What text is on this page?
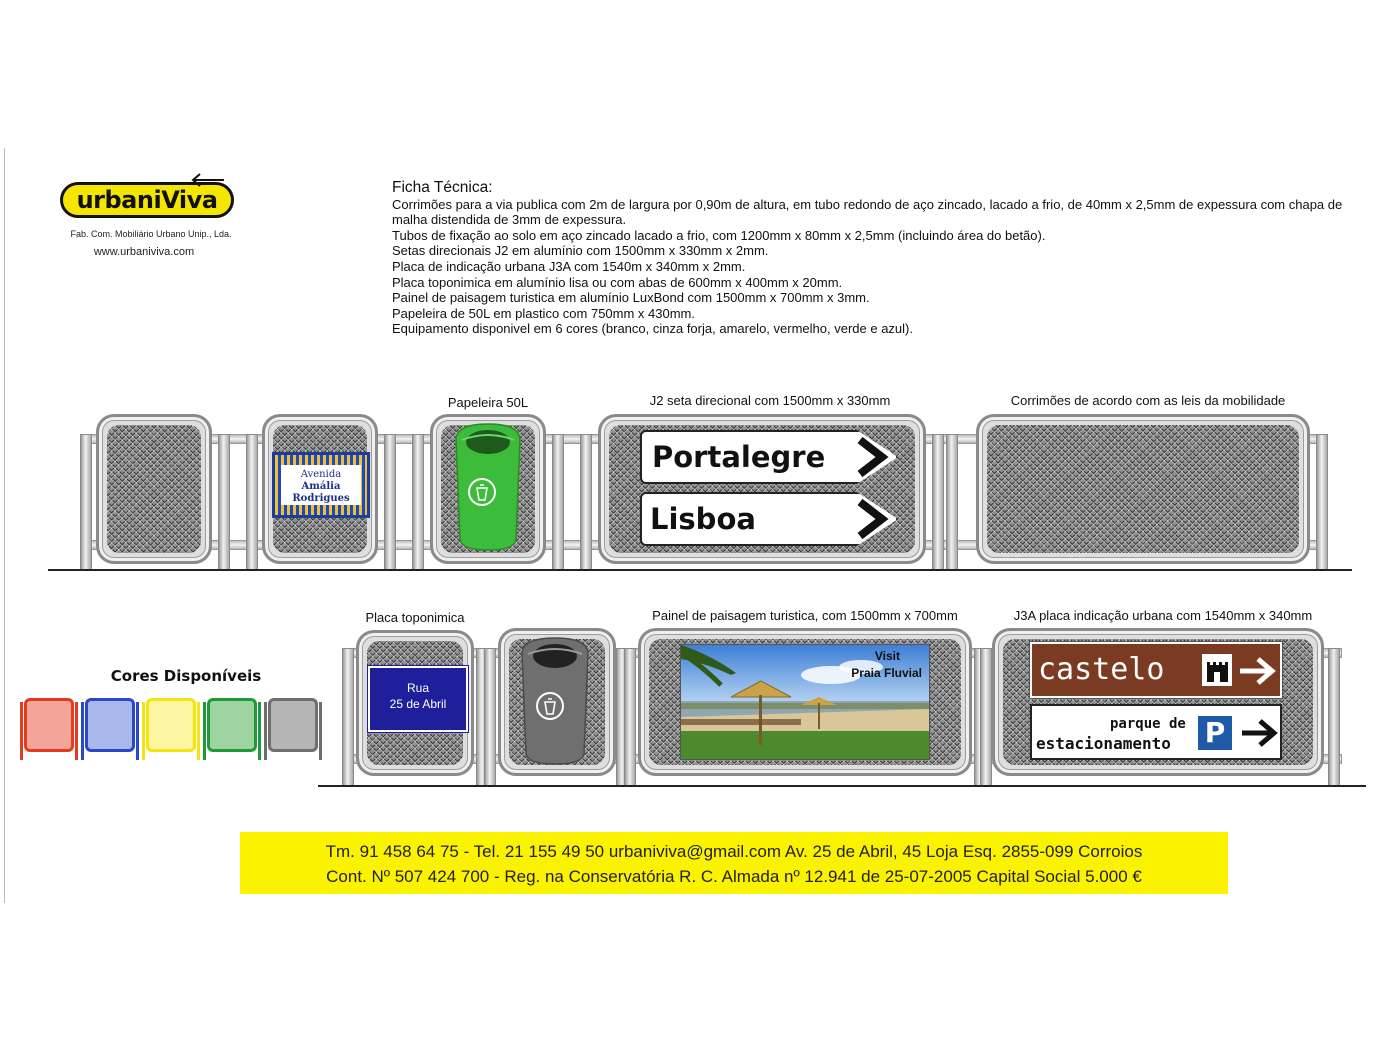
urbaniViva
Fab. Com. Mobiliário Urbano Unip., Lda.
www.urbaniviva.com
Ficha Técnica:
Corrimões para a via publica com 2m de largura por 0,90m de altura, em tubo redondo de aço zincado, lacado a frio, de 40mm x 2,5mm de expessura com chapa de malha distendida de 3mm de expessura.
Tubos de fixação ao solo em aço zincado lacado a frio, com 1200mm x 80mm x 2,5mm (incluindo área do betão).
Setas direcionais J2 em alumínio com 1500mm x 330mm x 2mm.
Placa de indicação urbana J3A com 1540m x 340mm x 2mm.
Placa toponimica em alumínio lisa ou com abas de 600mm x 400mm x 20mm.
Painel de paisagem turistica em alumínio LuxBond com 1500mm x 700mm x 3mm.
Papeleira de 50L em plastico com 750mm x 430mm.
Equipamento disponivel em 6 cores (branco, cinza forja, amarelo, vermelho, verde e azul).
Papeleira 50L	J2 seta direcional com 1500mm x 330mm	Corrimões de acordo com as leis da mobilidade
Avenida
Amália Rodrigues
Portalegre
Lisboa
Placa toponimica	Painel de paisagem turistica, com 1500mm x 700mm	J3A placa indicação urbana com 1540mm x 340mm
Rua
25 de Abril
Visit
Praia Fluvial	castelo
parque de
estacionamento P
Cores Disponíveis
Tm. 91 458 64 75 - Tel. 21 155 49 50 urbaniviva@gmail.com Av. 25 de Abril, 45 Loja Esq. 2855-099 Corroios
Cont. Nº 507 424 700 - Reg. na Conservatória R. C. Almada nº 12.941 de 25-07-2005 Capital Social 5.000 €
